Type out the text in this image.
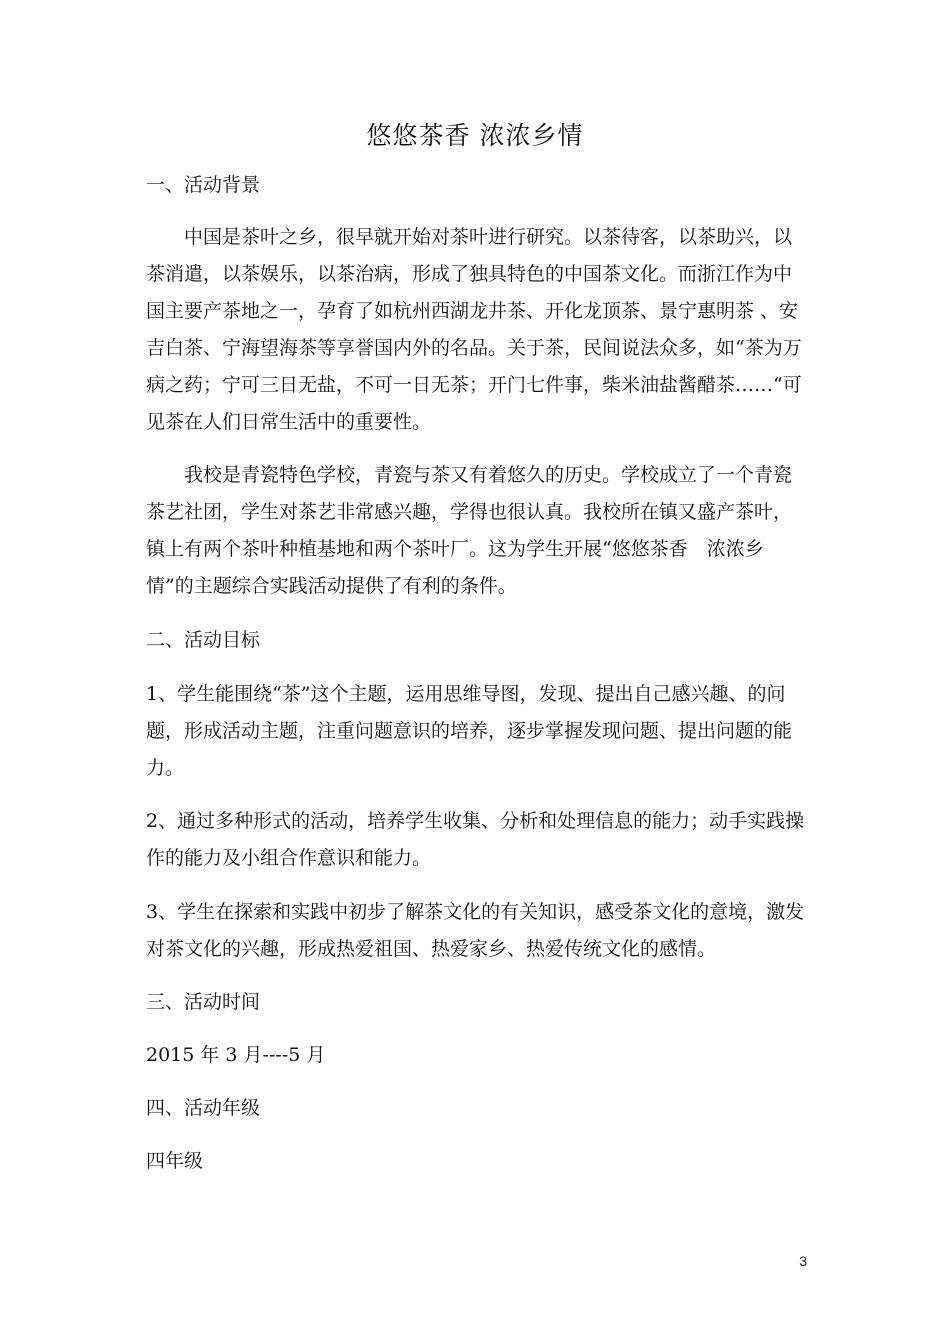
悠悠茶香 浓浓乡情

一、活动背景

中国是茶叶之乡，很早就开始对茶叶进行研究。以茶待客，以茶助兴，以茶消遣，以茶娱乐，以茶治病，形成了独具特色的中国茶文化。而浙江作为中国主要产茶地之一，孕育了如杭州西湖龙井茶、开化龙顶茶、景宁惠明茶 、安吉白茶、宁海望海茶等享誉国内外的名品。关于茶，民间说法众多，如“茶为万病之药；宁可三日无盐，不可一日无茶；开门七件事，柴米油盐酱醋茶……“可见茶在人们日常生活中的重要性。

我校是青瓷特色学校，青瓷与茶又有着悠久的历史。学校成立了一个青瓷茶艺社团，学生对茶艺非常感兴趣，学得也很认真。我校所在镇又盛产茶叶，镇上有两个茶叶种植基地和两个茶叶厂。这为学生开展“悠悠茶香　浓浓乡情”的主题综合实践活动提供了有利的条件。

二、活动目标

1、学生能围绕“茶”这个主题，运用思维导图，发现、提出自己感兴趣、的问题，形成活动主题，注重问题意识的培养，逐步掌握发现问题、提出问题的能力。

2、通过多种形式的活动，培养学生收集、分析和处理信息的能力；动手实践操作的能力及小组合作意识和能力。

3、学生在探索和实践中初步了解茶文化的有关知识，感受茶文化的意境，激发对茶文化的兴趣，形成热爱祖国、热爱家乡、热爱传统文化的感情。

三、活动时间

2015 年 3 月----5 月

四、活动年级

四年级

3
